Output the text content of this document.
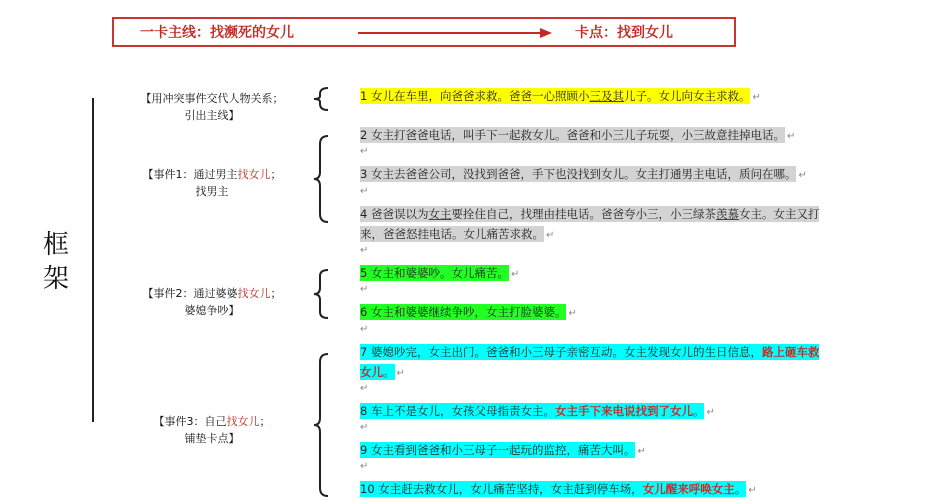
一卡主线：找濒死的女儿	卡点：找到女儿
框架
【用冲突事件交代人物关系；
引出主线】
【事件1：通过男主找女儿；
找男主
【事件2：通过婆婆找女儿；
婆媳争吵】
【事件3：自己找女儿；
铺垫卡点】
1 女儿在车里，向爸爸求救。爸爸一心照顾小三及其儿子。女儿向女主求救。 ↵
2 女主打爸爸电话，叫手下一起救女儿。爸爸和小三儿子玩耍，小三故意挂掉电话。 ↵
↵
3 女主去爸爸公司，没找到爸爸，手下也没找到女儿。女主打通男主电话，质问在哪。 ↵
↵
4 爸爸误以为女主要拴住自己，找理由挂电话。爸爸夸小三，小三绿茶羡慕女主。女主又打
来，爸爸怒挂电话。女儿痛苦求救。 ↵
↵
5 女主和婆婆吵。女儿痛苦。 ↵
↵
6 女主和婆婆继续争吵，女主打脸婆婆。 ↵
↵
7 婆媳吵完，女主出门。爸爸和小三母子亲密互动。女主发现女儿的生日信息，路上砸车救
女儿。 ↵
↵
8 车上不是女儿，女孩父母指责女主。女主手下来电说找到了女儿。 ↵
↵
9 女主看到爸爸和小三母子一起玩的监控，痛苦大叫。 ↵
↵
10 女主赶去救女儿，女儿痛苦坚持，女主赶到停车场，女儿醒来呼唤女主。 ↵
